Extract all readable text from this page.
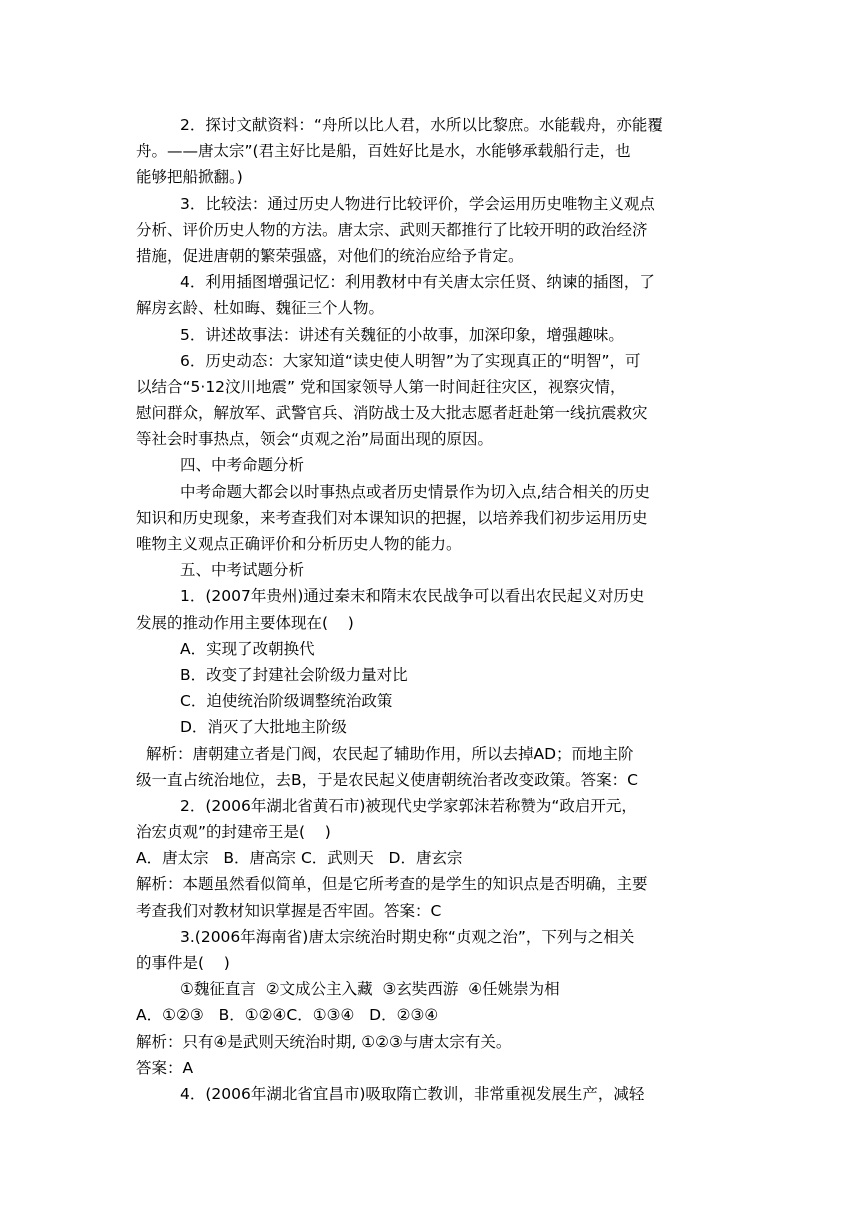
2．探讨文献资料：“舟所以比人君，水所以比黎庶。水能载舟，亦能覆
舟。——唐太宗”(君主好比是船，百姓好比是水，水能够承载船行走，也
能够把船掀翻。)
3．比较法：通过历史人物进行比较评价，学会运用历史唯物主义观点
分析、评价历史人物的方法。唐太宗、武则天都推行了比较开明的政治经济
措施，促进唐朝的繁荣强盛，对他们的统治应给予肯定。
4．利用插图增强记忆：利用教材中有关唐太宗任贤、纳谏的插图，了
解房玄龄、杜如晦、魏征三个人物。
5．讲述故事法：讲述有关魏征的小故事，加深印象，增强趣味。
6．历史动态：大家知道“读史使人明智”为了实现真正的“明智”，可
以结合“5·12汶川地震” 党和国家领导人第一时间赶往灾区，视察灾情，
慰问群众，解放军、武警官兵、消防战士及大批志愿者赶赴第一线抗震救灾
等社会时事热点，领会“贞观之治”局面出现的原因。
四、中考命题分析
中考命题大都会以时事热点或者历史情景作为切入点,结合相关的历史
知识和历史现象，来考查我们对本课知识的把握，以培养我们初步运用历史
唯物主义观点正确评价和分析历史人物的能力。
五、中考试题分析
1．(2007年贵州)通过秦末和隋末农民战争可以看出农民起义对历史
发展的推动作用主要体现在(    )
A．实现了改朝换代
B．改变了封建社会阶级力量对比
C．迫使统治阶级调整统治政策
D．消灭了大批地主阶级
解析：唐朝建立者是门阀，农民起了辅助作用，所以去掉AD；而地主阶
级一直占统治地位，去B，于是农民起义使唐朝统治者改变政策。答案：C
2．(2006年湖北省黄石市)被现代史学家郭沫若称赞为“政启开元，
治宏贞观”的封建帝王是(    )
A．唐太宗   B．唐高宗 C．武则天   D．唐玄宗
解析：本题虽然看似简单，但是它所考查的是学生的知识点是否明确，主要
考查我们对教材知识掌握是否牢固。答案：C
3.(2006年海南省)唐太宗统治时期史称“贞观之治”，下列与之相关
的事件是(    )
①魏征直言  ②文成公主入藏  ③玄奘西游  ④任姚崇为相
A．①②③   B．①②④C．①③④   D．②③④
解析：只有④是武则天统治时期, ①②③与唐太宗有关。
答案：A
4．(2006年湖北省宜昌市)吸取隋亡教训，非常重视发展生产，减轻
